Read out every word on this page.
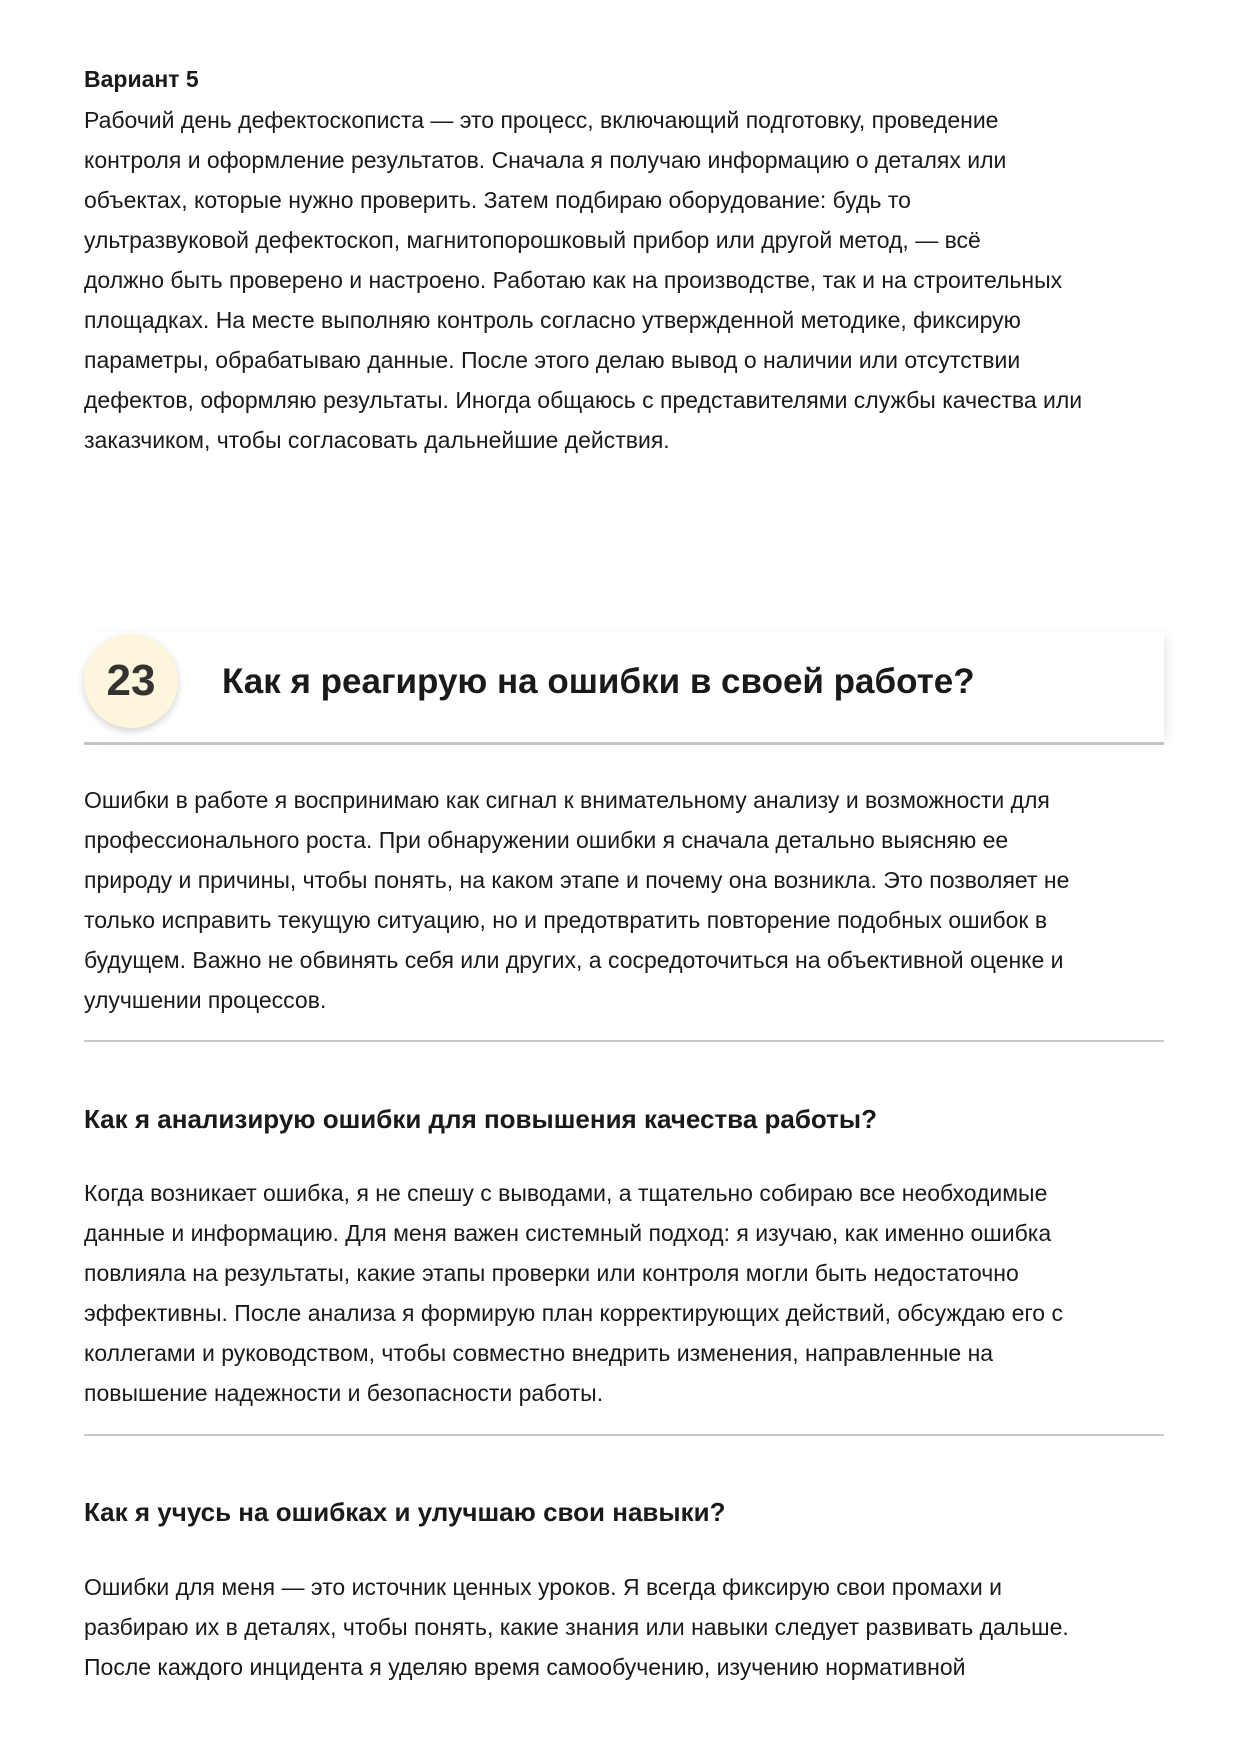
Вариант 5

Рабочий день дефектоскописта — это процесс, включающий подготовку, проведение

контроля и оформление результатов. Сначала я получаю информацию о деталях или

объектах, которые нужно проверить. Затем подбираю оборудование: будь то

ультразвуковой дефектоскоп, магнитопорошковый прибор или другой метод, — всё

должно быть проверено и настроено. Работаю как на производстве, так и на строительных

площадках. На месте выполняю контроль согласно утвержденной методике, фиксирую

параметры, обрабатываю данные. После этого делаю вывод о наличии или отсутствии

дефектов, оформляю результаты. Иногда общаюсь с представителями службы качества или

заказчиком, чтобы согласовать дальнейшие действия.

23	Как я реагирую на ошибки в своей работе?

Ошибки в работе я воспринимаю как сигнал к внимательному анализу и возможности для

профессионального роста. При обнаружении ошибки я сначала детально выясняю ее

природу и причины, чтобы понять, на каком этапе и почему она возникла. Это позволяет не

только исправить текущую ситуацию, но и предотвратить повторение подобных ошибок в

будущем. Важно не обвинять себя или других, а сосредоточиться на объективной оценке и

улучшении процессов.

Как я анализирую ошибки для повышения качества работы?

Когда возникает ошибка, я не спешу с выводами, а тщательно собираю все необходимые

данные и информацию. Для меня важен системный подход: я изучаю, как именно ошибка

повлияла на результаты, какие этапы проверки или контроля могли быть недостаточно

эффективны. После анализа я формирую план корректирующих действий, обсуждаю его с

коллегами и руководством, чтобы совместно внедрить изменения, направленные на

повышение надежности и безопасности работы.

Как я учусь на ошибках и улучшаю свои навыки?

Ошибки для меня — это источник ценных уроков. Я всегда фиксирую свои промахи и

разбираю их в деталях, чтобы понять, какие знания или навыки следует развивать дальше.

После каждого инцидента я уделяю время самообучению, изучению нормативной
